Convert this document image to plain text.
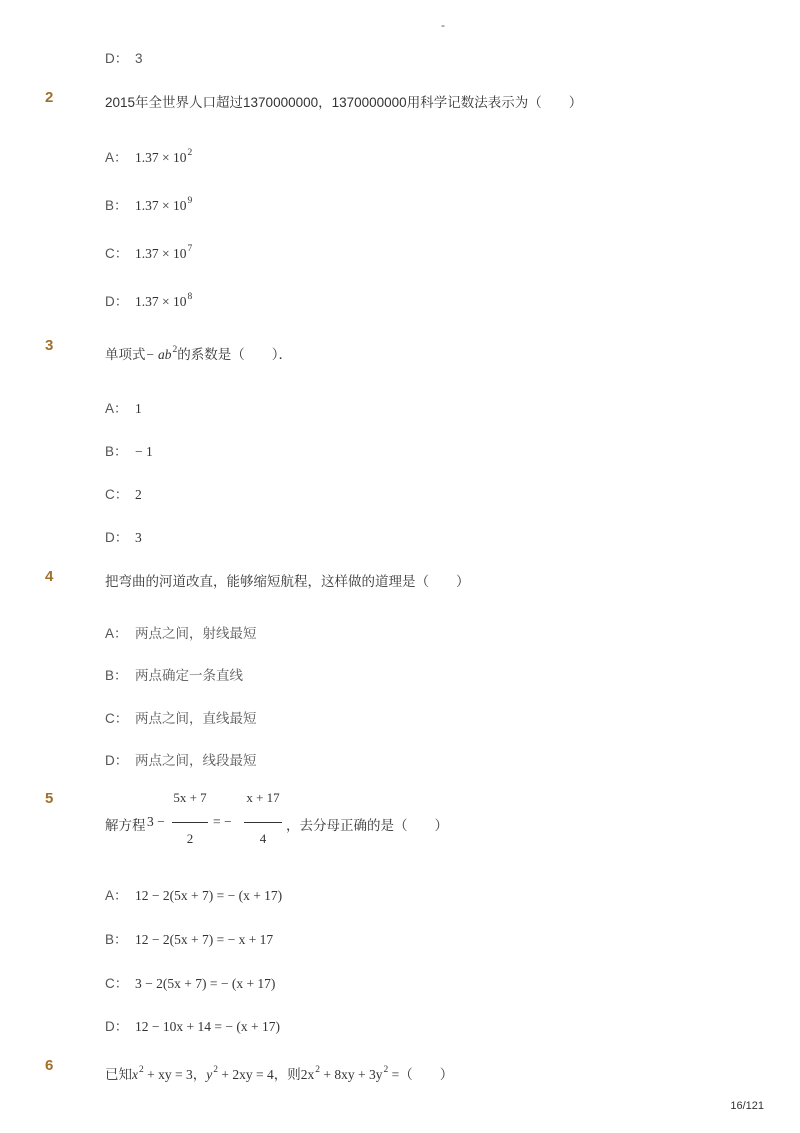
-
D： 3
2	2015年全世界人口超过1370000000，1370000000用科学记数法表示为（　　）
A： $1.37 \times 10^2$
B： $1.37 \times 10^9$
C： $1.37 \times 10^7$
D： $1.37 \times 10^8$
3
单项式− $ab^2$的系数是（　　）．
A： 1
B： − 1
C： 2
D： 3
4	把弯曲的河道改直，能够缩短航程，这样做的道理是（　　）
A： 两点之间，射线最短
B： 两点确定一条直线
C： 两点之间，直线最短
D： 两点之间，线段最短
5
解方程 3 −
5x + 7
2
= −
x + 17
4
，去分母正确的是（　　）
A： 12 − 2(5x + 7) = − (x + 17)
B： 12 − 2(5x + 7) = − x + 17
C： 3 − 2(5x + 7) = − (x + 17)
D： 12 − 10x + 14 = − (x + 17)
6
已知$x^2$ + xy = 3，$y^2 + 2xy = 4$，则$2x^2 + 8xy + 3y^2$ =（　　）
16/121
